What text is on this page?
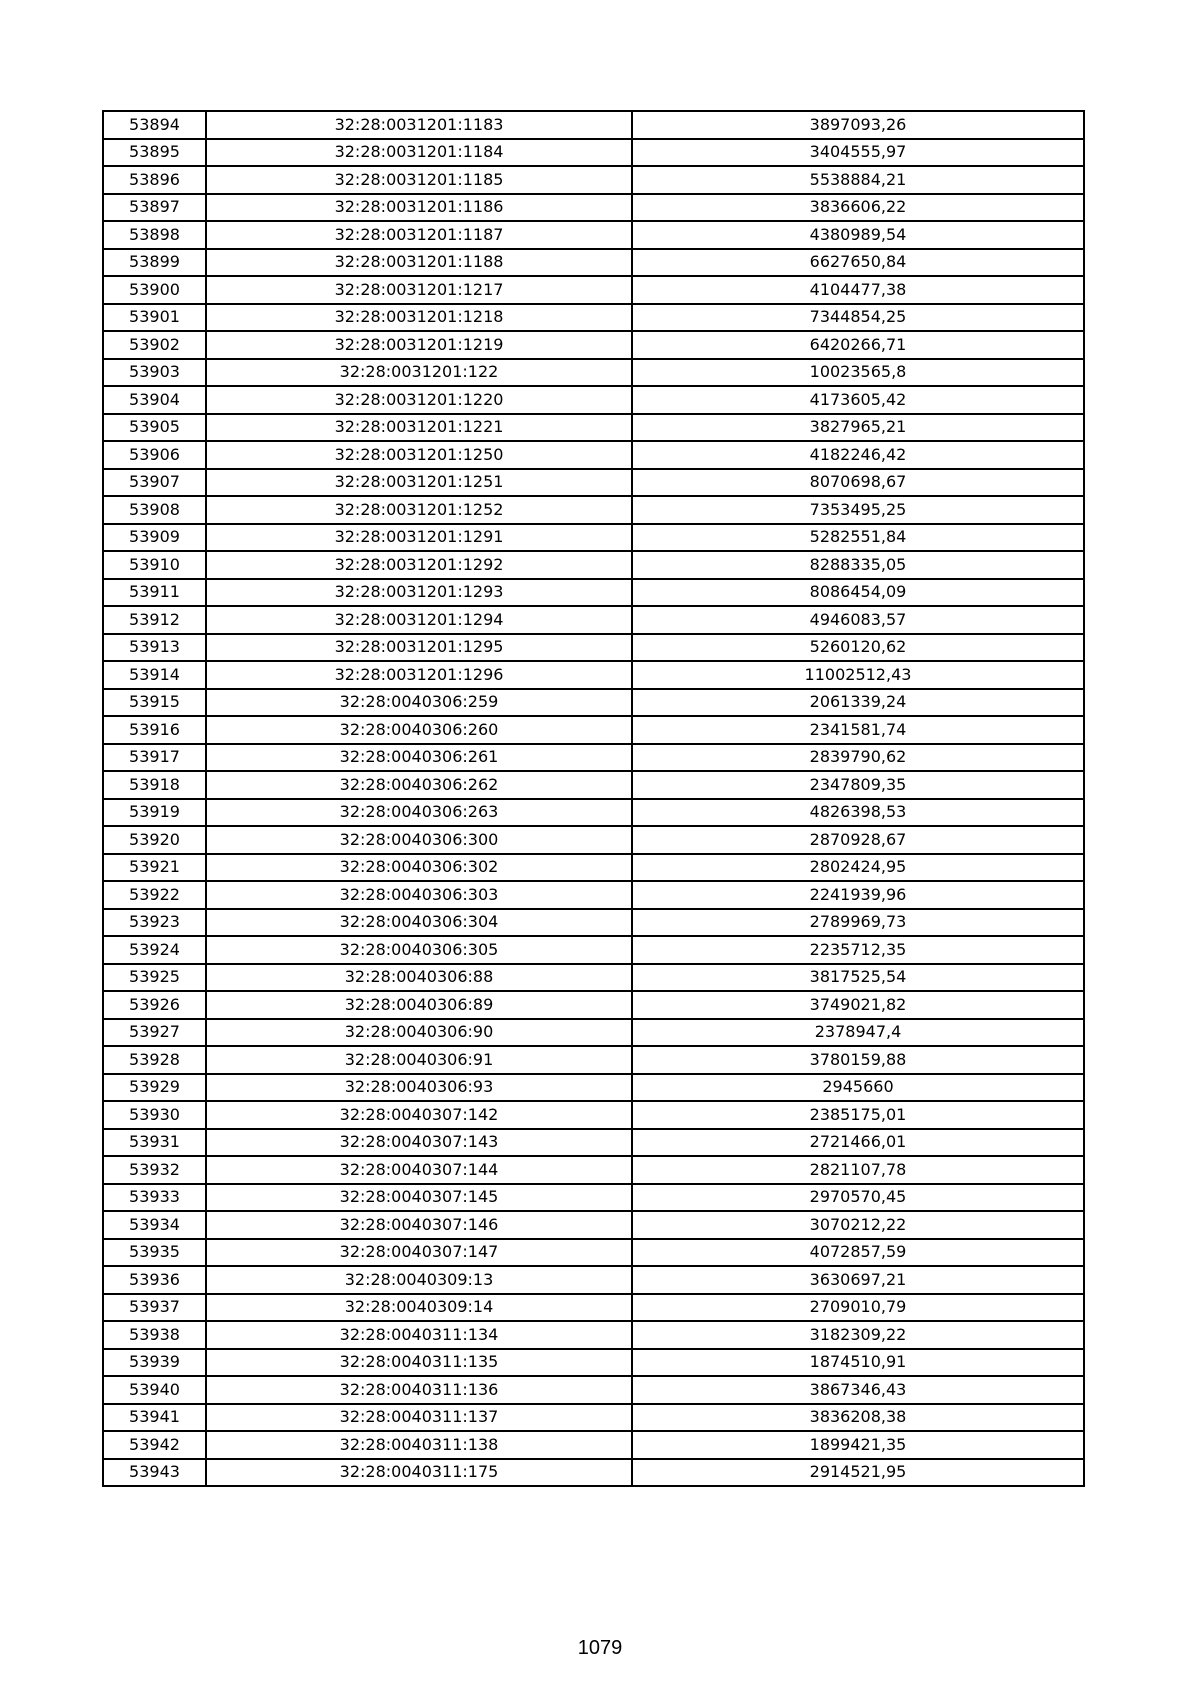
53894	32:28:0031201:1183	3897093,26
53895	32:28:0031201:1184	3404555,97
53896	32:28:0031201:1185	5538884,21
53897	32:28:0031201:1186	3836606,22
53898	32:28:0031201:1187	4380989,54
53899	32:28:0031201:1188	6627650,84
53900	32:28:0031201:1217	4104477,38
53901	32:28:0031201:1218	7344854,25
53902	32:28:0031201:1219	6420266,71
53903	32:28:0031201:122	10023565,8
53904	32:28:0031201:1220	4173605,42
53905	32:28:0031201:1221	3827965,21
53906	32:28:0031201:1250	4182246,42
53907	32:28:0031201:1251	8070698,67
53908	32:28:0031201:1252	7353495,25
53909	32:28:0031201:1291	5282551,84
53910	32:28:0031201:1292	8288335,05
53911	32:28:0031201:1293	8086454,09
53912	32:28:0031201:1294	4946083,57
53913	32:28:0031201:1295	5260120,62
53914	32:28:0031201:1296	11002512,43
53915	32:28:0040306:259	2061339,24
53916	32:28:0040306:260	2341581,74
53917	32:28:0040306:261	2839790,62
53918	32:28:0040306:262	2347809,35
53919	32:28:0040306:263	4826398,53
53920	32:28:0040306:300	2870928,67
53921	32:28:0040306:302	2802424,95
53922	32:28:0040306:303	2241939,96
53923	32:28:0040306:304	2789969,73
53924	32:28:0040306:305	2235712,35
53925	32:28:0040306:88	3817525,54
53926	32:28:0040306:89	3749021,82
53927	32:28:0040306:90	2378947,4
53928	32:28:0040306:91	3780159,88
53929	32:28:0040306:93	2945660
53930	32:28:0040307:142	2385175,01
53931	32:28:0040307:143	2721466,01
53932	32:28:0040307:144	2821107,78
53933	32:28:0040307:145	2970570,45
53934	32:28:0040307:146	3070212,22
53935	32:28:0040307:147	4072857,59
53936	32:28:0040309:13	3630697,21
53937	32:28:0040309:14	2709010,79
53938	32:28:0040311:134	3182309,22
53939	32:28:0040311:135	1874510,91
53940	32:28:0040311:136	3867346,43
53941	32:28:0040311:137	3836208,38
53942	32:28:0040311:138	1899421,35
53943	32:28:0040311:175	2914521,95
1079
